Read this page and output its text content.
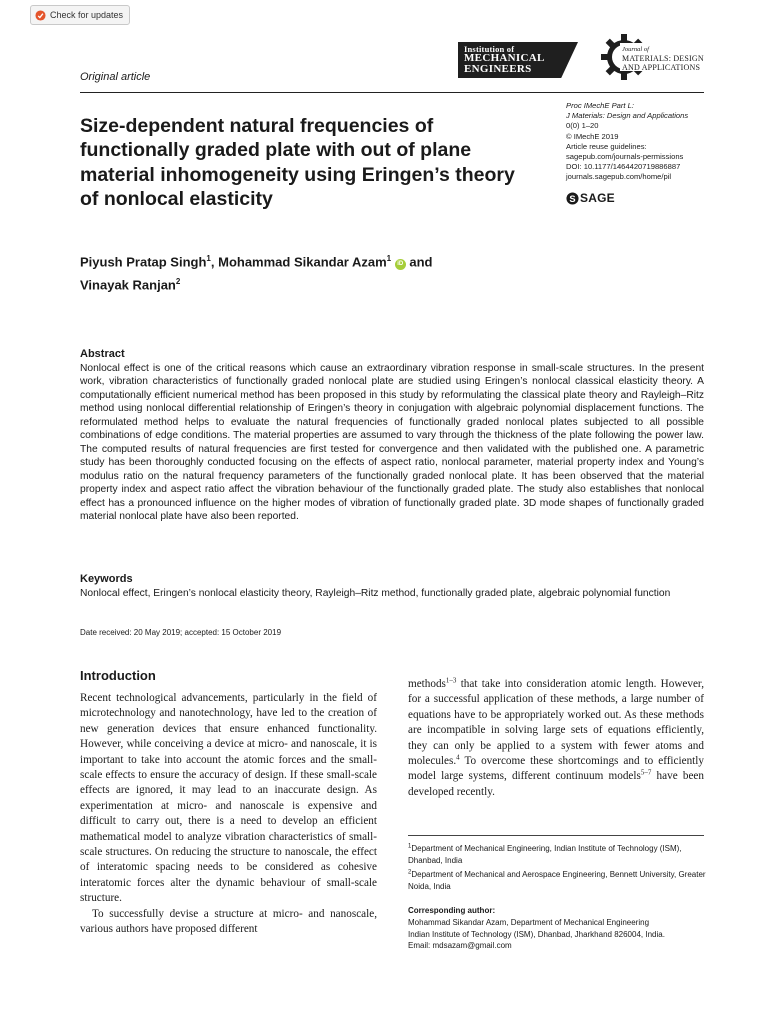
Check for updates
Institution of
MECHANICAL
ENGINEERS
Journal of
MATERIALS: DESIGN
AND APPLICATIONS
Original article
Proc IMechE Part L:
J Materials: Design and Applications
0(0) 1–20
© IMechE 2019
Article reuse guidelines:
sagepub.com/journals-permissions
DOI: 10.1177/1464420719886887
journals.sagepub.com/home/pil
S SAGE
Size-dependent natural frequencies of functionally graded plate with out of plane material inhomogeneity using Eringen’s theory of nonlocal elasticity
Piyush Pratap Singh$^1$, Mohammad Sikandar Azam$^1$ iD and
Vinayak Ranjan$^2$
Abstract
Nonlocal effect is one of the critical reasons which cause an extraordinary vibration response in small-scale structures. In the present work, vibration characteristics of functionally graded nonlocal plate are studied using Eringen’s nonlocal classical elasticity theory. A computationally efficient numerical method has been proposed in this study by reformulating the classical plate theory and Rayleigh–Ritz method using nonlocal differential relationship of Eringen’s theory in conjugation with algebraic polynomial displacement functions. The reformulated method helps to evaluate the natural frequencies of functionally graded nonlocal plates subjected to all possible combinations of edge conditions. The material properties are assumed to vary through the thickness of the plate following the power law. The computed results of natural frequencies are first tested for convergence and then validated with the published one. A parametric study has been thoroughly conducted focusing on the effects of aspect ratio, nonlocal parameter, material property index and Young’s modulus ratio on the natural frequency parameters of the functionally graded nonlocal plate. It has been observed that the material property index and aspect ratio affect the vibration behaviour of the functionally graded plate. The study also establishes that nonlocal effect has a pronounced influence on the higher modes of vibration of functionally graded plate. 3D mode shapes of functionally graded material nonlocal plate have also been reported.
Keywords
Nonlocal effect, Eringen’s nonlocal elasticity theory, Rayleigh–Ritz method, functionally graded plate, algebraic polynomial function
Date received: 20 May 2019; accepted: 15 October 2019
Introduction

Recent technological advancements, particularly in the field of microtechnology and nanotechnology, have led to the creation of new generation devices that ensure enhanced functionality. However, while conceiving a device at micro- and nanoscale, it is important to take into account the atomic forces and the small-scale effects to ensure the accuracy of design. If these small-scale effects are ignored, it may lead to an inaccurate design. As experimentation at micro- and nanoscale is expensive and difficult to carry out, there is a need to develop an efficient mathematical model to analyze vibration characteristics of small-scale structures. On reducing the structure to nanoscale, the effect of interatomic spacing needs to be considered as cohesive interatomic forces alter the dynamic behaviour of small-scale structure.

To successfully devise a structure at micro- and nanoscale, various authors have proposed different

methods$^{1-3}$ that take into consideration atomic length. However, for a successful application of these methods, a large number of equations have to be appropriately worked out. As these methods are incompatible in solving large sets of equations efficiently, they can only be applied to a system with fewer atoms and molecules.$^4$ To overcome these shortcomings and to efficiently model large systems, different continuum models$^{5-7}$ have been developed recently.

$^1$Department of Mechanical Engineering, Indian Institute of Technology (ISM), Dhanbad, India

$^2$Department of Mechanical and Aerospace Engineering, Bennett University, Greater Noida, India

Corresponding author:
Mohammad Sikandar Azam, Department of Mechanical Engineering
Indian Institute of Technology (ISM), Dhanbad, Jharkhand 826004, India.
Email: mdsazam@gmail.com
